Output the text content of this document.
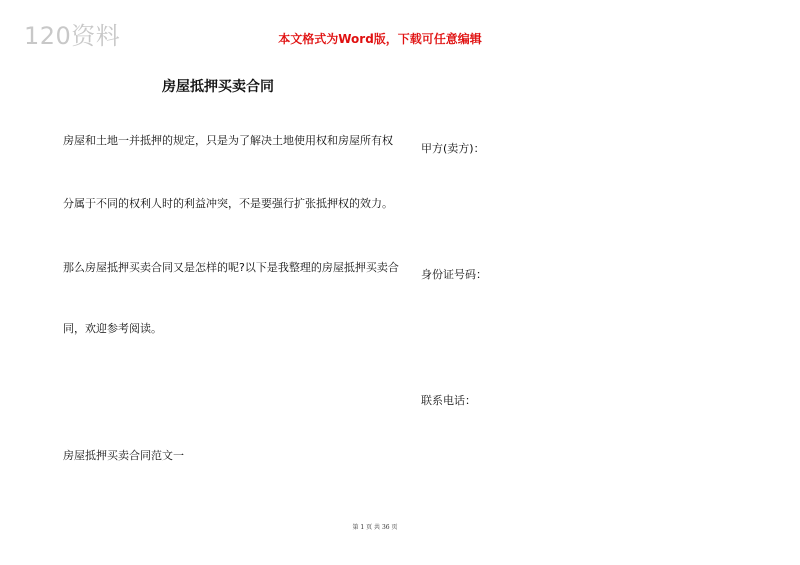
120资料	本文格式为Word版，下载可任意编辑
房屋抵押买卖合同
房屋和土地一并抵押的规定，只是为了解决土地使用权和房屋所有权
分属于不同的权利人时的利益冲突，不是要强行扩张抵押权的效力。
那么房屋抵押买卖合同又是怎样的呢?以下是我整理的房屋抵押买卖合
同，欢迎参考阅读。
房屋抵押买卖合同范文一
甲方(卖方)：
身份证号码：
联系电话：
第 1 页 共 36 页
